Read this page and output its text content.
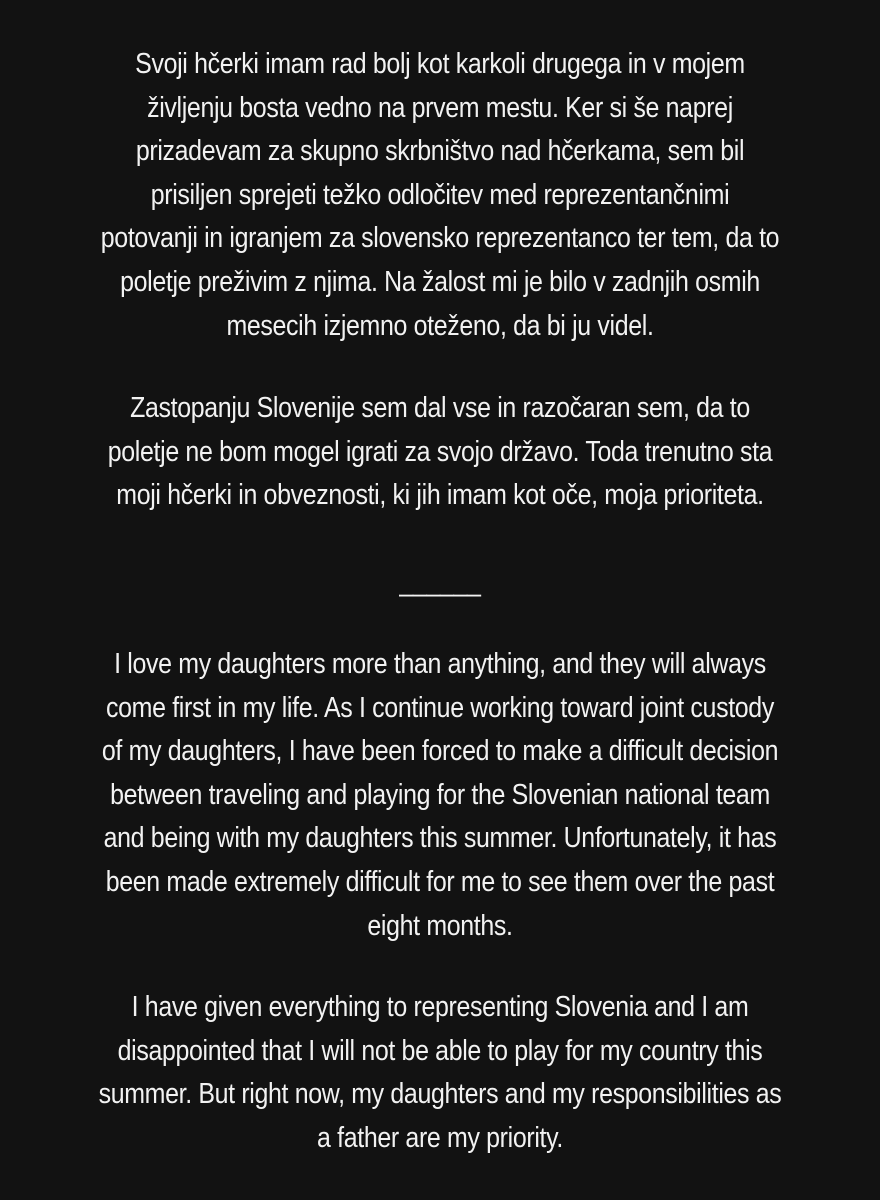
Svoji hčerki imam rad bolj kot karkoli drugega in v mojem
življenju bosta vedno na prvem mestu. Ker si še naprej
prizadevam za skupno skrbništvo nad hčerkama, sem bil
prisiljen sprejeti težko odločitev med reprezentančnimi
potovanji in igranjem za slovensko reprezentanco ter tem, da to
poletje preživim z njima. Na žalost mi je bilo v zadnjih osmih
mesecih izjemno oteženo, da bi ju videl.
Zastopanju Slovenije sem dal vse in razočaran sem, da to
poletje ne bom mogel igrati za svojo državo. Toda trenutno sta
moji hčerki in obveznosti, ki jih imam kot oče, moja prioriteta.
______
I love my daughters more than anything, and they will always
come first in my life. As I continue working toward joint custody
of my daughters, I have been forced to make a difficult decision
between traveling and playing for the Slovenian national team
and being with my daughters this summer. Unfortunately, it has
been made extremely difficult for me to see them over the past
eight months.
I have given everything to representing Slovenia and I am
disappointed that I will not be able to play for my country this
summer. But right now, my daughters and my responsibilities as
a father are my priority.
